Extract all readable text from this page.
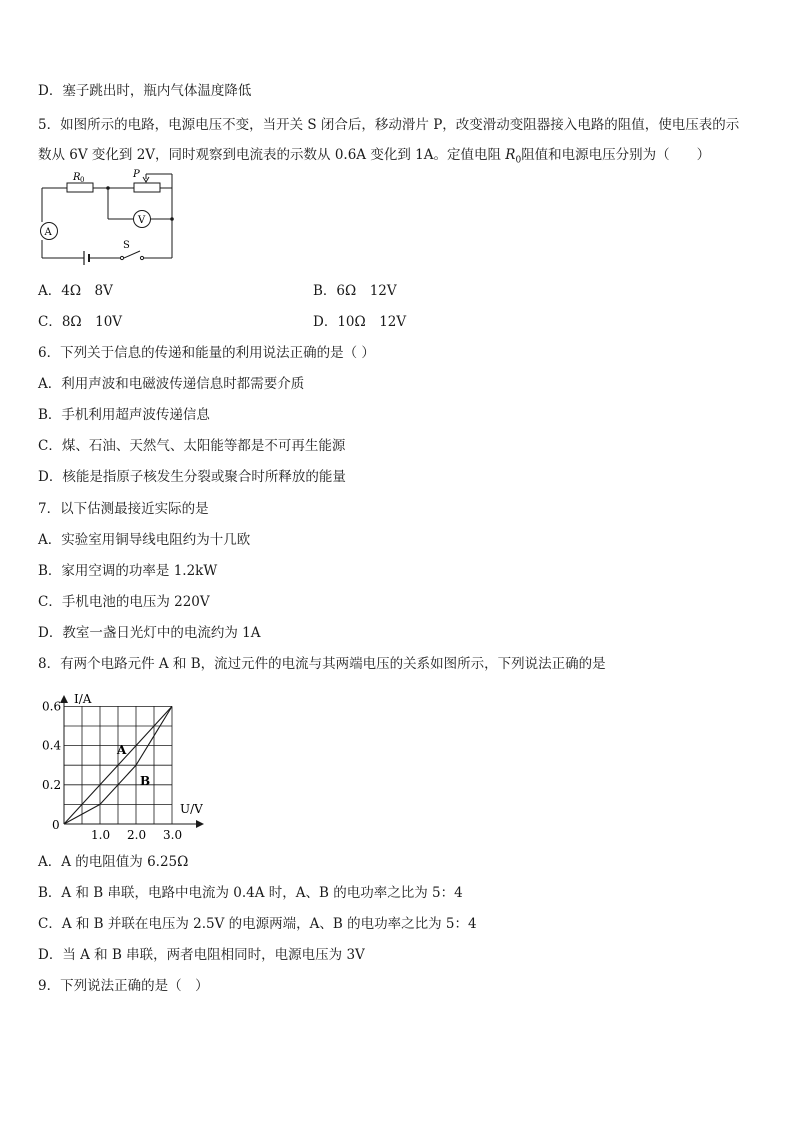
D．塞子跳出时，瓶内气体温度降低
5．如图所示的电路，电源电压不变，当开关 S 闭合后，移动滑片 P，改变滑动变阻器接入电路的阻值，使电压表的示
数从 6V 变化到 2V，同时观察到电流表的示数从 0.6A 变化到 1A。定值电阻 $R_0$阻值和电源电压分别为（　　）
R 0	P
V
A
S
A．4Ω　8V	B．6Ω　12V
C．8Ω　10V	D．10Ω　12V
6．下列关于信息的传递和能量的利用说法正确的是（ ）
A．利用声波和电磁波传递信息时都需要介质
B．手机利用超声波传递信息
C．煤、石油、天然气、太阳能等都是不可再生能源
D．核能是指原子核发生分裂或聚合时所释放的能量
7．以下估测最接近实际的是
A．实验室用铜导线电阻约为十几欧
B．家用空调的功率是 1.2kW
C．手机电池的电压为 220V
D．教室一盏日光灯中的电流约为 1A
8．有两个电路元件 A 和 B，流过元件的电流与其两端电压的关系如图所示，下列说法正确的是
1.0 2.0 3.0
0.2
0.4
0.6
I/A
U/V
0
A
B
A．A 的电阻值为 6.25Ω
B．A 和 B 串联，电路中电流为 0.4A 时，A、B 的电功率之比为 5：4
C．A 和 B 并联在电压为 2.5V 的电源两端，A、B 的电功率之比为 5：4
D．当 A 和 B 串联，两者电阻相同时，电源电压为 3V
9．下列说法正确的是（　）
